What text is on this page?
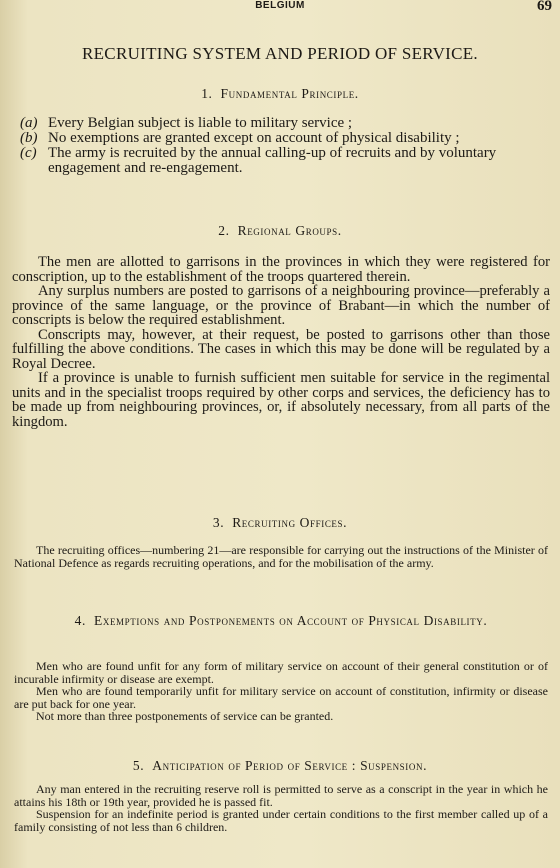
BELGIUM	69
RECRUITING SYSTEM AND PERIOD OF SERVICE.
1. Fundamental Principle.
(a) Every Belgian subject is liable to military service ;
(b) No exemptions are granted except on account of physical disability ;
(c) The army is recruited by the annual calling-up of recruits and by voluntary engagement and re-engagement.
2. Regional Groups.

The men are allotted to garrisons in the provinces in which they were registered for conscription, up to the establishment of the troops quartered therein.

Any surplus numbers are posted to garrisons of a neighbouring province—preferably a province of the same language, or the province of Brabant—in which the number of conscripts is below the required establishment.

Conscripts may, however, at their request, be posted to garrisons other than those fulfilling the above conditions. The cases in which this may be done will be regulated by a Royal Decree.

If a province is unable to furnish sufficient men suitable for service in the regimental units and in the specialist troops required by other corps and services, the deficiency has to be made up from neighbouring provinces, or, if absolutely necessary, from all parts of the kingdom.

3. Recruiting Offices.

The recruiting offices—numbering 21—are responsible for carrying out the instructions of the Minister of National Defence as regards recruiting operations, and for the mobilisation of the army.

4. Exemptions and Postponements on Account of Physical Disability.

Men who are found unfit for any form of military service on account of their general constitution or of incurable infirmity or disease are exempt.

Men who are found temporarily unfit for military service on account of constitution, infirmity or disease are put back for one year.

Not more than three postponements of service can be granted.

5. Anticipation of Period of Service : Suspension.

Any man entered in the recruiting reserve roll is permitted to serve as a conscript in the year in which he attains his 18th or 19th year, provided he is passed fit.

Suspension for an indefinite period is granted under certain conditions to the first member called up of a family consisting of not less than 6 children.
